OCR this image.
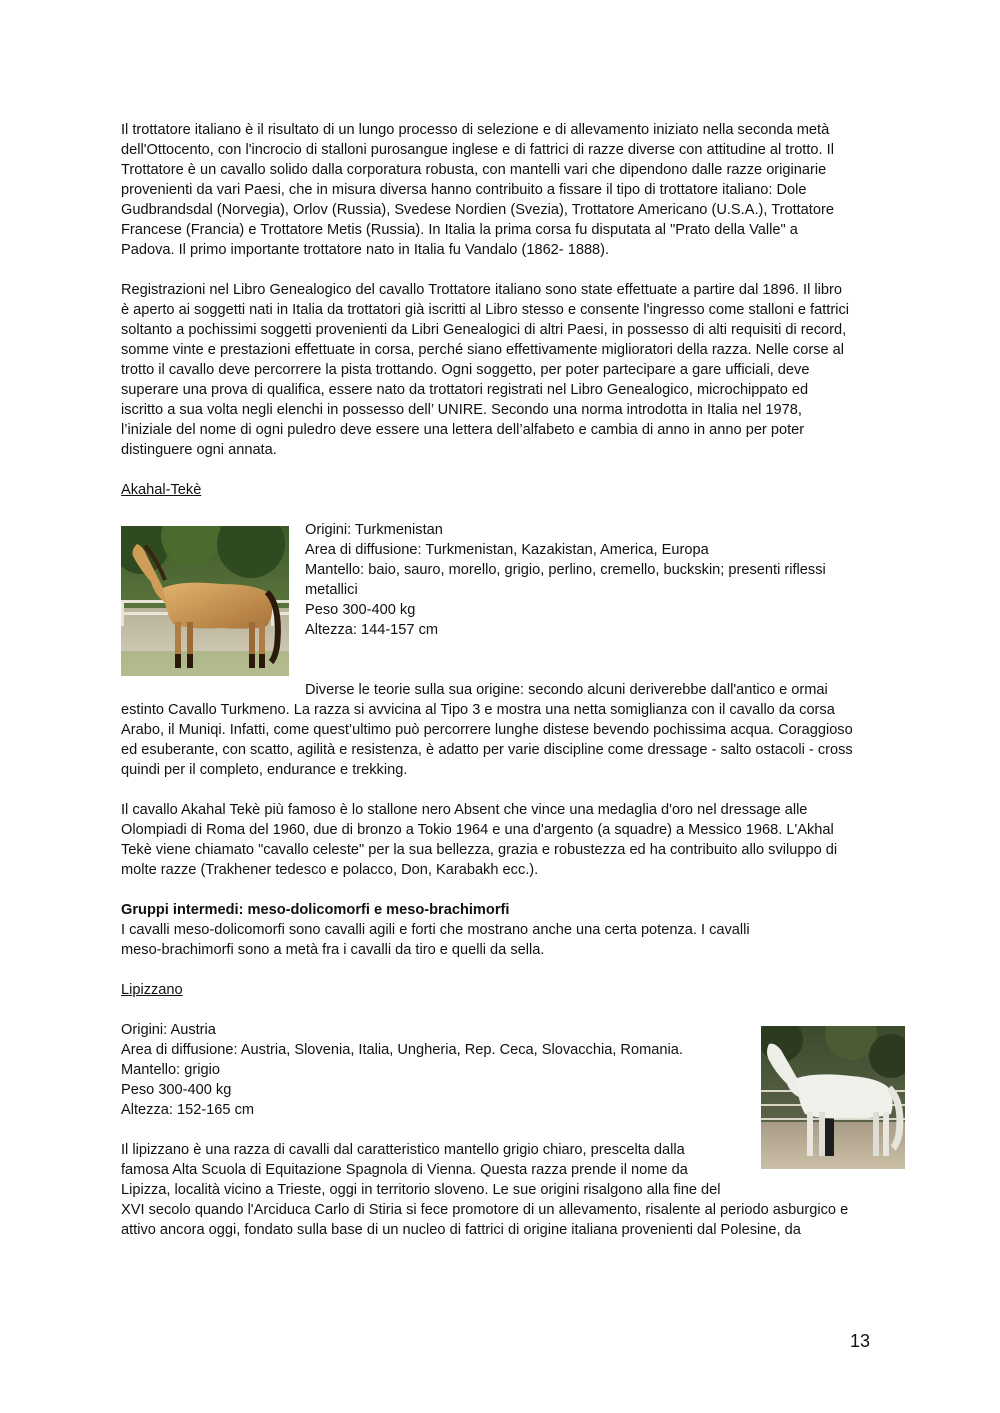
Il trottatore italiano è il risultato di un lungo processo di selezione e di allevamento iniziato nella seconda metà
dell'Ottocento, con l'incrocio di stalloni purosangue inglese e di fattrici di razze diverse con attitudine al trotto. Il
Trottatore è un cavallo solido dalla corporatura robusta, con mantelli vari che dipendono dalle razze originarie
provenienti da vari Paesi, che in misura diversa hanno contribuito a fissare il tipo di trottatore italiano: Dole
Gudbrandsdal (Norvegia), Orlov (Russia), Svedese Nordien (Svezia), Trottatore Americano (U.S.A.), Trottatore
Francese (Francia) e Trottatore Metis (Russia). In Italia la prima corsa fu disputata al "Prato della Valle" a
Padova. Il primo importante trottatore nato in Italia fu Vandalo (1862- 1888).
Registrazioni nel Libro Genealogico del cavallo Trottatore italiano sono state effettuate a partire dal 1896. Il libro
è aperto ai soggetti nati in Italia da trottatori già iscritti al Libro stesso e consente l'ingresso come stalloni e fattrici
soltanto a pochissimi soggetti provenienti da Libri Genealogici di altri Paesi, in possesso di alti requisiti di record,
somme vinte e prestazioni effettuate in corsa, perché siano effettivamente miglioratori della razza. Nelle corse al
trotto il cavallo deve percorrere la pista trottando. Ogni soggetto, per poter partecipare a gare ufficiali, deve
superare una prova di qualifica, essere nato da trottatori registrati nel Libro Genealogico, microchippato ed
iscritto a sua volta negli elenchi in possesso dell’ UNIRE. Secondo una norma introdotta in Italia nel 1978,
l’iniziale del nome di ogni puledro deve essere una lettera dell’alfabeto e cambia di anno in anno per poter
distinguere ogni annata.
Akahal-Tekè
Origini: Turkmenistan
Area di diffusione: Turkmenistan, Kazakistan, America, Europa
Mantello: baio, sauro, morello, grigio, perlino, cremello, buckskin; presenti riflessi
metallici
Peso 300-400 kg
Altezza: 144-157 cm
Diverse le teorie sulla sua origine: secondo alcuni deriverebbe dall'antico e ormai
estinto Cavallo Turkmeno. La razza si avvicina al Tipo 3 e mostra una netta somiglianza con il cavallo da corsa
Arabo, il Muniqi. Infatti, come quest’ultimo può percorrere lunghe distese bevendo pochissima acqua. Coraggioso
ed esuberante, con scatto, agilità e resistenza, è adatto per varie discipline come dressage - salto ostacoli - cross
quindi per il completo, endurance e trekking.
Il cavallo Akahal Tekè più famoso è lo stallone nero Absent che vince una medaglia d'oro nel dressage alle
Olompiadi di Roma del 1960, due di bronzo a Tokio 1964 e una d'argento (a squadre) a Messico 1968. L'Akhal
Tekè viene chiamato "cavallo celeste" per la sua bellezza, grazia e robustezza ed ha contribuito allo sviluppo di
molte razze (Trakhener tedesco e polacco, Don, Karabakh ecc.).
Gruppi intermedi: meso-dolicomorfi e meso-brachimorfi
I cavalli meso-dolicomorfi sono cavalli agili e forti che mostrano anche una certa potenza. I cavalli
meso-brachimorfi sono a metà fra i cavalli da tiro e quelli da sella.
Lipizzano
Origini: Austria
Area di diffusione: Austria, Slovenia, Italia, Ungheria, Rep. Ceca, Slovacchia, Romania.
Mantello: grigio
Peso 300-400 kg
Altezza: 152-165 cm
Il lipizzano è una razza di cavalli dal caratteristico mantello grigio chiaro, prescelta dalla
famosa Alta Scuola di Equitazione Spagnola di Vienna. Questa razza prende il nome da
Lipizza, località vicino a Trieste, oggi in territorio sloveno. Le sue origini risalgono alla fine del
XVI secolo quando l'Arciduca Carlo di Stiria si fece promotore di un allevamento, risalente al periodo asburgico e
attivo ancora oggi, fondato sulla base di un nucleo di fattrici di origine italiana provenienti dal Polesine, da
13
